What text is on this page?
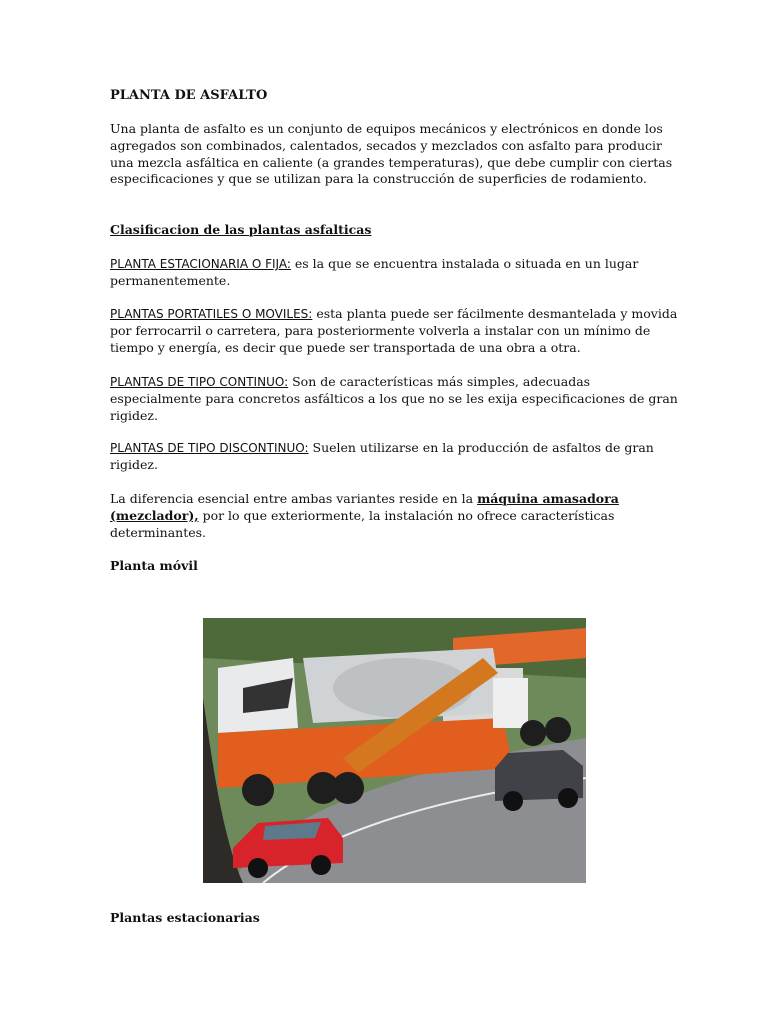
PLANTA DE ASFALTO
Una planta de asfalto es un conjunto de equipos mecánicos y electrónicos en donde los agregados son combinados, calentados, secados y mezclados con asfalto para producir una mezcla asfáltica en caliente (a grandes temperaturas), que debe cumplir con ciertas especificaciones y que se utilizan para la construcción de superficies de rodamiento.
Clasificacion de las plantas asfalticas
PLANTA ESTACIONARIA O FIJA: es la que se encuentra instalada o situada en un lugar permanentemente.
PLANTAS PORTATILES O MOVILES: esta planta puede ser fácilmente desmantelada y movida por ferrocarril o carretera, para posteriormente volverla a instalar con un mínimo de tiempo y energía, es decir que puede ser transportada de una obra a otra.
PLANTAS DE TIPO CONTINUO: Son de características más simples, adecuadas especialmente para concretos asfálticos a los que no se les exija especificaciones de gran rigidez.
PLANTAS DE TIPO DISCONTINUO: Suelen utilizarse en la producción de asfaltos de gran rigidez.
La diferencia esencial entre ambas variantes reside en la máquina amasadora (mezclador), por lo que exteriormente, la instalación no ofrece características determinantes.
Planta móvil
Plantas estacionarias
